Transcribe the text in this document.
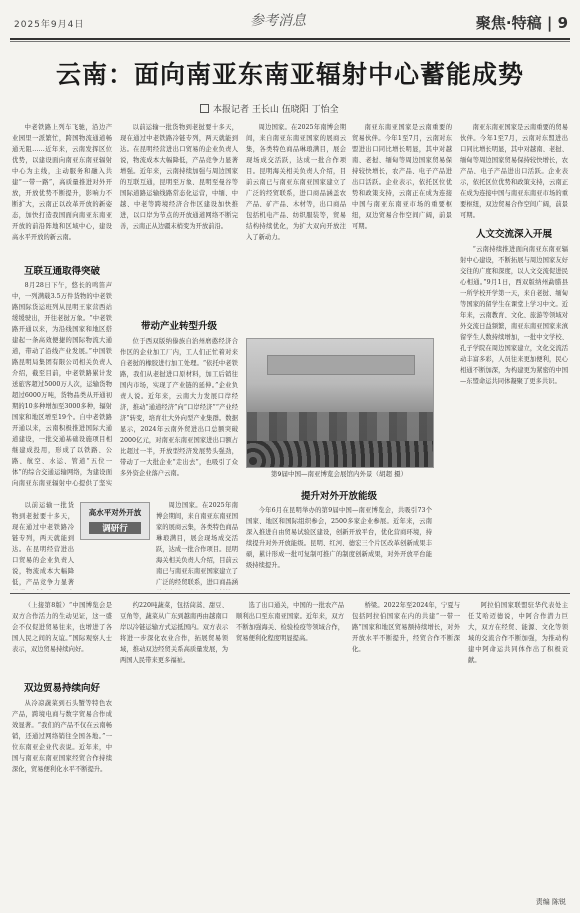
2025年9月4日	参考消息	聚焦·特稿 | 9
云南：面向南亚东南亚辐射中心蓄能成势
本报记者 王长山 伍晓阳 丁怡全

中老铁路上列车飞驰，沿边产业园里一派繁忙，跨国物流通道畅通无阻……近年来，云南发挥区位优势，以建设面向南亚东南亚辐射中心为主线，主动服务和融入共建“一带一路”，高质量推进对外开放，开放优势不断提升，影响力不断扩大，云南正以改革开放的新姿态，加快打造我国面向南亚东南亚开放的前沿阵地和区域中心，建设高水平开放的新云南。

互联互通取得突破

8月28日下午，悠长的鸣笛声中，一列满载3.5万件货物的中老铁路国际货运班列从昆明王家营西站缓缓驶出，开往老挝万象。“中老铁路开通以来，为沿线国家和地区搭建起一条高效便捷的国际物流大通道，带动了沿线产业发展。”中国铁路昆明局集团有限公司相关负责人介绍，截至目前，中老铁路累计发送旅客超过5000万人次，运输货物超过6000万吨，货物品类从开通初期的10多种增加至3000多种，辐射国家和地区增至19个。自中老铁路开通以来，云南积极推进国际大通道建设，一批交通基础设施项目相继建成投用，形成了以铁路、公路、航空、水运、管道“五位一体”的综合交通运输网络，为建设面向南亚东南亚辐射中心提供了坚实

高水平对外开放
调研行

以前运输一批货物到老挝要十多天，现在通过中老铁路冷链专列，两天就能到达。在昆明经营进出口贸易的企业负责人说，物流成本大幅降低，产品竞争力显著

以前运输一批货物到老挝要十多天，现在通过中老铁路冷链专列，两天就能到达。在昆明经营进出口贸易的企业负责人说，物流成本大幅降低，产品竞争力显著增强。近年来，云南持续加强与周边国家的互联互通，昆明至万象、昆明至曼谷等国际道路运输线路常态化运营，中缅、中越、中老等跨境经济合作区建设加快推进，以口岸为节点的开放通道网络不断完善，云南正从边疆末梢变为开放前沿。

带动产业转型升级

位于西双版纳傣族自治州磨憨经济合作区的企业加工厂内，工人们正忙着对来自老挝的橡胶进行加工处理。“依托中老铁路，我们从老挝进口原材料，加工后销往国内市场，实现了产业链的延伸。”企业负责人说。近年来，云南大力发展口岸经济，推动“通道经济”向“口岸经济”“产业经济”转变，培育壮大外向型产业集群。数据显示，2024年云南外贸进出口总额突破2000亿元，对南亚东南亚国家进出口额占比超过一半，开放型经济发展势头强劲，带动了一大批企业“走出去”，也吸引了众多外资企业落户云南。

周边国家。在2025年南博会期间，来自南亚东南亚国家的展商云集，各类特色商品琳琅满目，展会现场成交活跃，达成一批合作项目。昆明海关相关负责人介绍，目前云南已与南亚东南亚国家建立了广泛的经贸联系，进口商品涵

周边国家。在2025年南博会期间，来自南亚东南亚国家的展商云集，各类特色商品琳琅满目，展会现场成交活跃，达成一批合作项目。昆明海关相关负责人介绍，目前云南已与南亚东南亚国家建立了广泛的经贸联系，进口商品涵盖农产品、矿产品、木材等，出口商品包括机电产品、纺织服装等，贸易结构持续优化，为扩大双向开放注入了新动力。

南亚东南亚国家是云南重要的贸易伙伴。今年1至7月，云南对东盟进出口同比增长明显，其中对越南、老挝、缅甸等周边国家贸易保持较快增长，农产品、电子产品进出口活跃。企业表示，依托区位优势和政策支持，云南正在成为连接中国与南亚东南亚市场的重要枢纽，双边贸易合作空间广阔，前景可期。

第9届中国—南亚博览会展馆内外景（胡超 摄）
提升对外开放能级

今年6月在昆明举办的第9届中国—南亚博览会，共吸引73个国家、地区和国际组织参会，2500多家企业参展。近年来，云南深入推进自由贸易试验区建设，创新开放平台，优化营商环境，持续提升对外开放能级。昆明、红河、德宏三个片区改革创新成果丰硕，累计形成一批可复制可推广的制度创新成果，对外开放平台能级持续提升。

南亚东南亚国家是云南重要的贸易伙伴。今年1至7月，云南对东盟进出口同比增长明显，其中对越南、老挝、缅甸等周边国家贸易保持较快增长，农产品、电子产品进出口活跃。企业表示，依托区位优势和政策支持，云南正在成为连接中国与南亚东南亚市场的重要枢纽，双边贸易合作空间广阔，前景可期。

人文交流深入开展

“云南持续推进面向南亚东南亚辐射中心建设，不断拓展与周边国家友好交往的广度和深度，以人文交流促进民心相通。”9月1日，西双版纳州勐腊县一所学校开学第一天，来自老挝、缅甸等国家的留学生在课堂上学习中文。近年来，云南教育、文化、旅游等领域对外交流日益频繁，南亚东南亚国家来滇留学生人数持续增加，一批中文学校、孔子学院在周边国家建立，文化交流活动丰富多彩，人员往来更加便利，民心相通不断加深，为构建更为紧密的中国—东盟命运共同体凝聚了更多共识。

（上接第8版）“中国博览会是双方合作活力的生动见证，这一盛会不仅促进贸易往来，也增进了各国人民之间的友谊。”国际观察人士表示，双边贸易持续向好。

双边贸易持续向好

从冷凉蔬菜到石头蟹等特色农产品，跨境电商与数字贸易合作成效显著。“我们的产品不仅在云南畅销，还通过网络销往全国各地。”一位东南亚企业代表说。近年来，中国与南亚东南亚国家经贸合作持续深化，贸易便利化水平不断提升。

约220吨蔬菜，包括茼蒿、甜豆、豆角等，蔬菜从广东到越南再由越南口岸以冷链运输方式运抵国内。双方表示将进一步深化农业合作，拓展贸易领域，推动双边经贸关系高质量发展，为两国人民带来更多福祉。

选了出口通关，中国的一批农产品顺利出口至东南亚国家。近年来，双方不断加强海关、检验检疫等领域合作，贸易便利化程度明显提高。

桥梁。2022年至2024年，宁夏与包括阿拉伯国家在内的共建“一带一路”国家和地区贸易额持续增长，对外开放水平不断提升，经贸合作不断深化。

阿拉伯国家联盟驻华代表处主任艾哈迈德说，中阿合作潜力巨大，双方在经贸、能源、文化等领域的交流合作不断加强，为推动构建中阿命运共同体作出了积极贡献。

责编 陈锐
